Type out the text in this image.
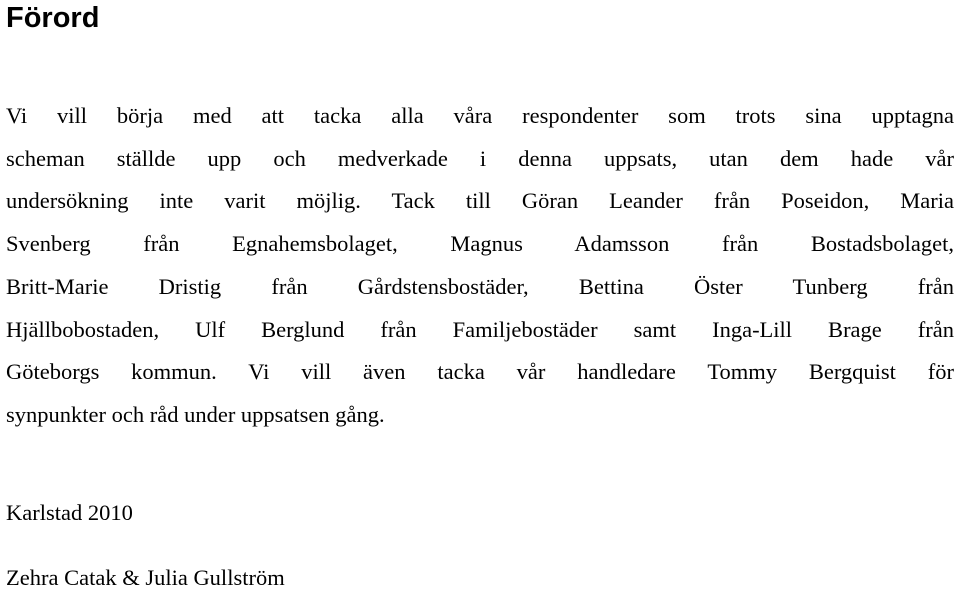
Förord

Vi vill börja med att tacka alla våra respondenter som trots sina upptagna
scheman ställde upp och medverkade i denna uppsats, utan dem hade vår
undersökning inte varit möjlig. Tack till Göran Leander från Poseidon, Maria
Svenberg från Egnahemsbolaget, Magnus Adamsson från Bostadsbolaget,
Britt-Marie Dristig från Gårdstensbostäder, Bettina Öster Tunberg från
Hjällbobostaden, Ulf Berglund från Familjebostäder samt Inga-Lill Brage från
Göteborgs kommun. Vi vill även tacka vår handledare Tommy Bergquist för
synpunkter och råd under uppsatsen gång.

Karlstad 2010

Zehra Catak & Julia Gullström
